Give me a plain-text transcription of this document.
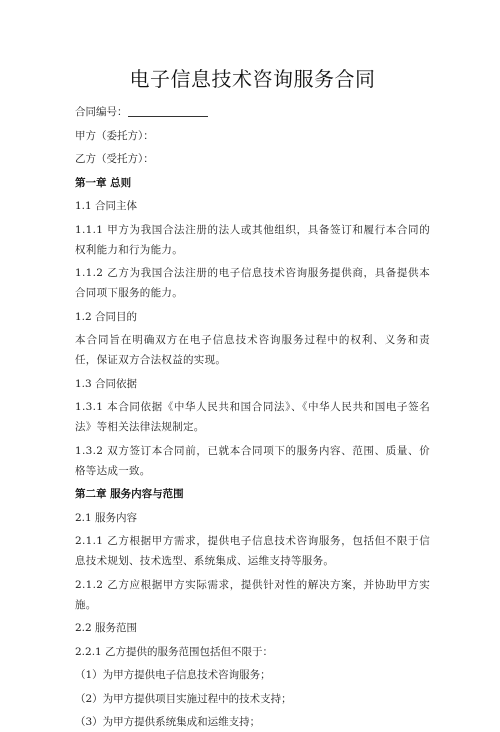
电子信息技术咨询服务合同
合同编号：
甲方（委托方）：
乙方（受托方）：
第一章 总则
1.1 合同主体
1.1.1 甲方为我国合法注册的法人或其他组织，具备签订和履行本合同的权利能力和行为能力。
1.1.2 乙方为我国合法注册的电子信息技术咨询服务提供商，具备提供本合同项下服务的能力。
1.2 合同目的
本合同旨在明确双方在电子信息技术咨询服务过程中的权利、义务和责任，保证双方合法权益的实现。
1.3 合同依据
1.3.1 本合同依据《中华人民共和国合同法》、《中华人民共和国电子签名法》等相关法律法规制定。
1.3.2 双方签订本合同前，已就本合同项下的服务内容、范围、质量、价格等达成一致。
第二章 服务内容与范围
2.1 服务内容
2.1.1 乙方根据甲方需求，提供电子信息技术咨询服务，包括但不限于信息技术规划、技术选型、系统集成、运维支持等服务。
2.1.2 乙方应根据甲方实际需求，提供针对性的解决方案，并协助甲方实施。
2.2 服务范围
2.2.1 乙方提供的服务范围包括但不限于：
（1）为甲方提供电子信息技术咨询服务；
（2）为甲方提供项目实施过程中的技术支持；
（3）为甲方提供系统集成和运维支持；
